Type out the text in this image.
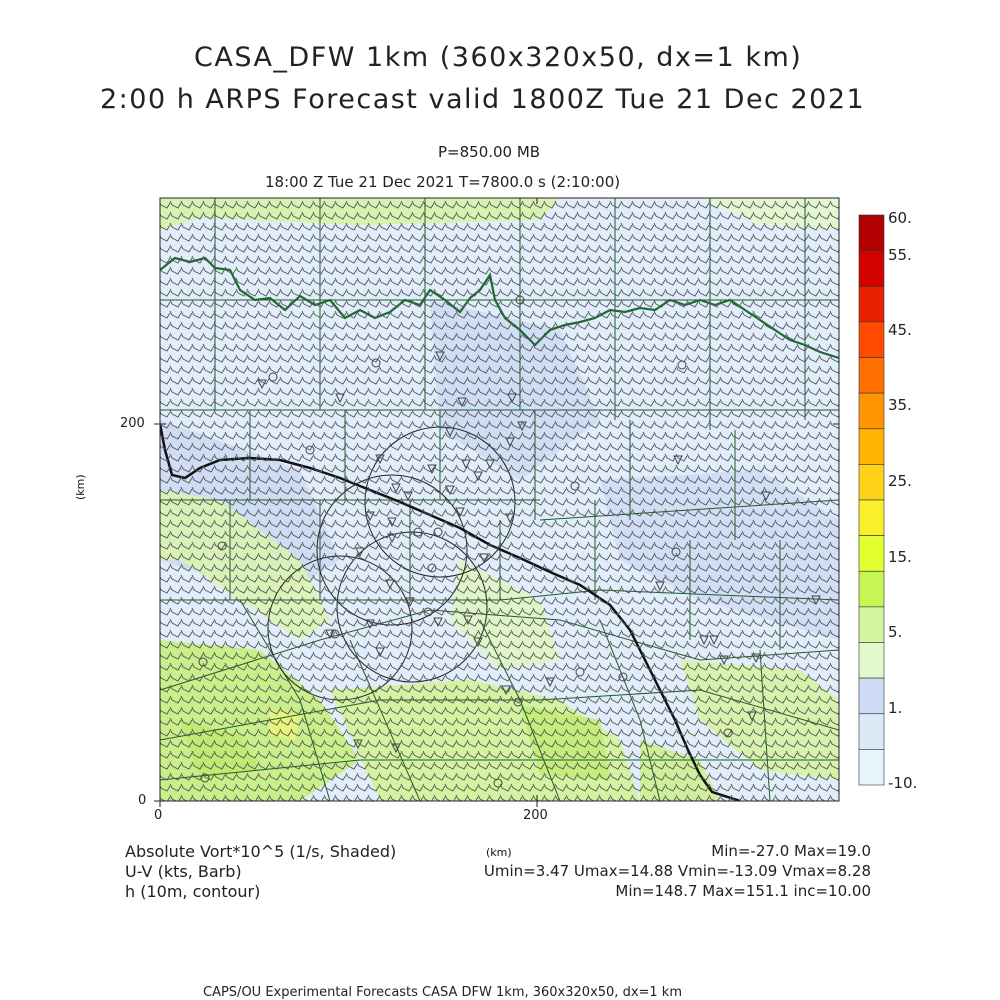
CASA_DFW 1km (360x320x50, dx=1 km)
2:00 h ARPS Forecast valid 1800Z Tue 21 Dec 2021
P=850.00 MB
18:00 Z Tue 21 Dec 2021 T=7800.0 s (2:10:00)
0	200
0
200
(km)
(km)
60.
55.
45.
35.
25.
15.
5.
1.
-10.
Absolute Vort*10^5 (1/s, Shaded)
U-V (kts, Barb)
h (10m, contour)
Min=-27.0 Max=19.0
Umin=3.47 Umax=14.88 Vmin=-13.09 Vmax=8.28
Min=148.7 Max=151.1 inc=10.00
CAPS/OU Experimental Forecasts CASA DFW 1km, 360x320x50, dx=1 km
